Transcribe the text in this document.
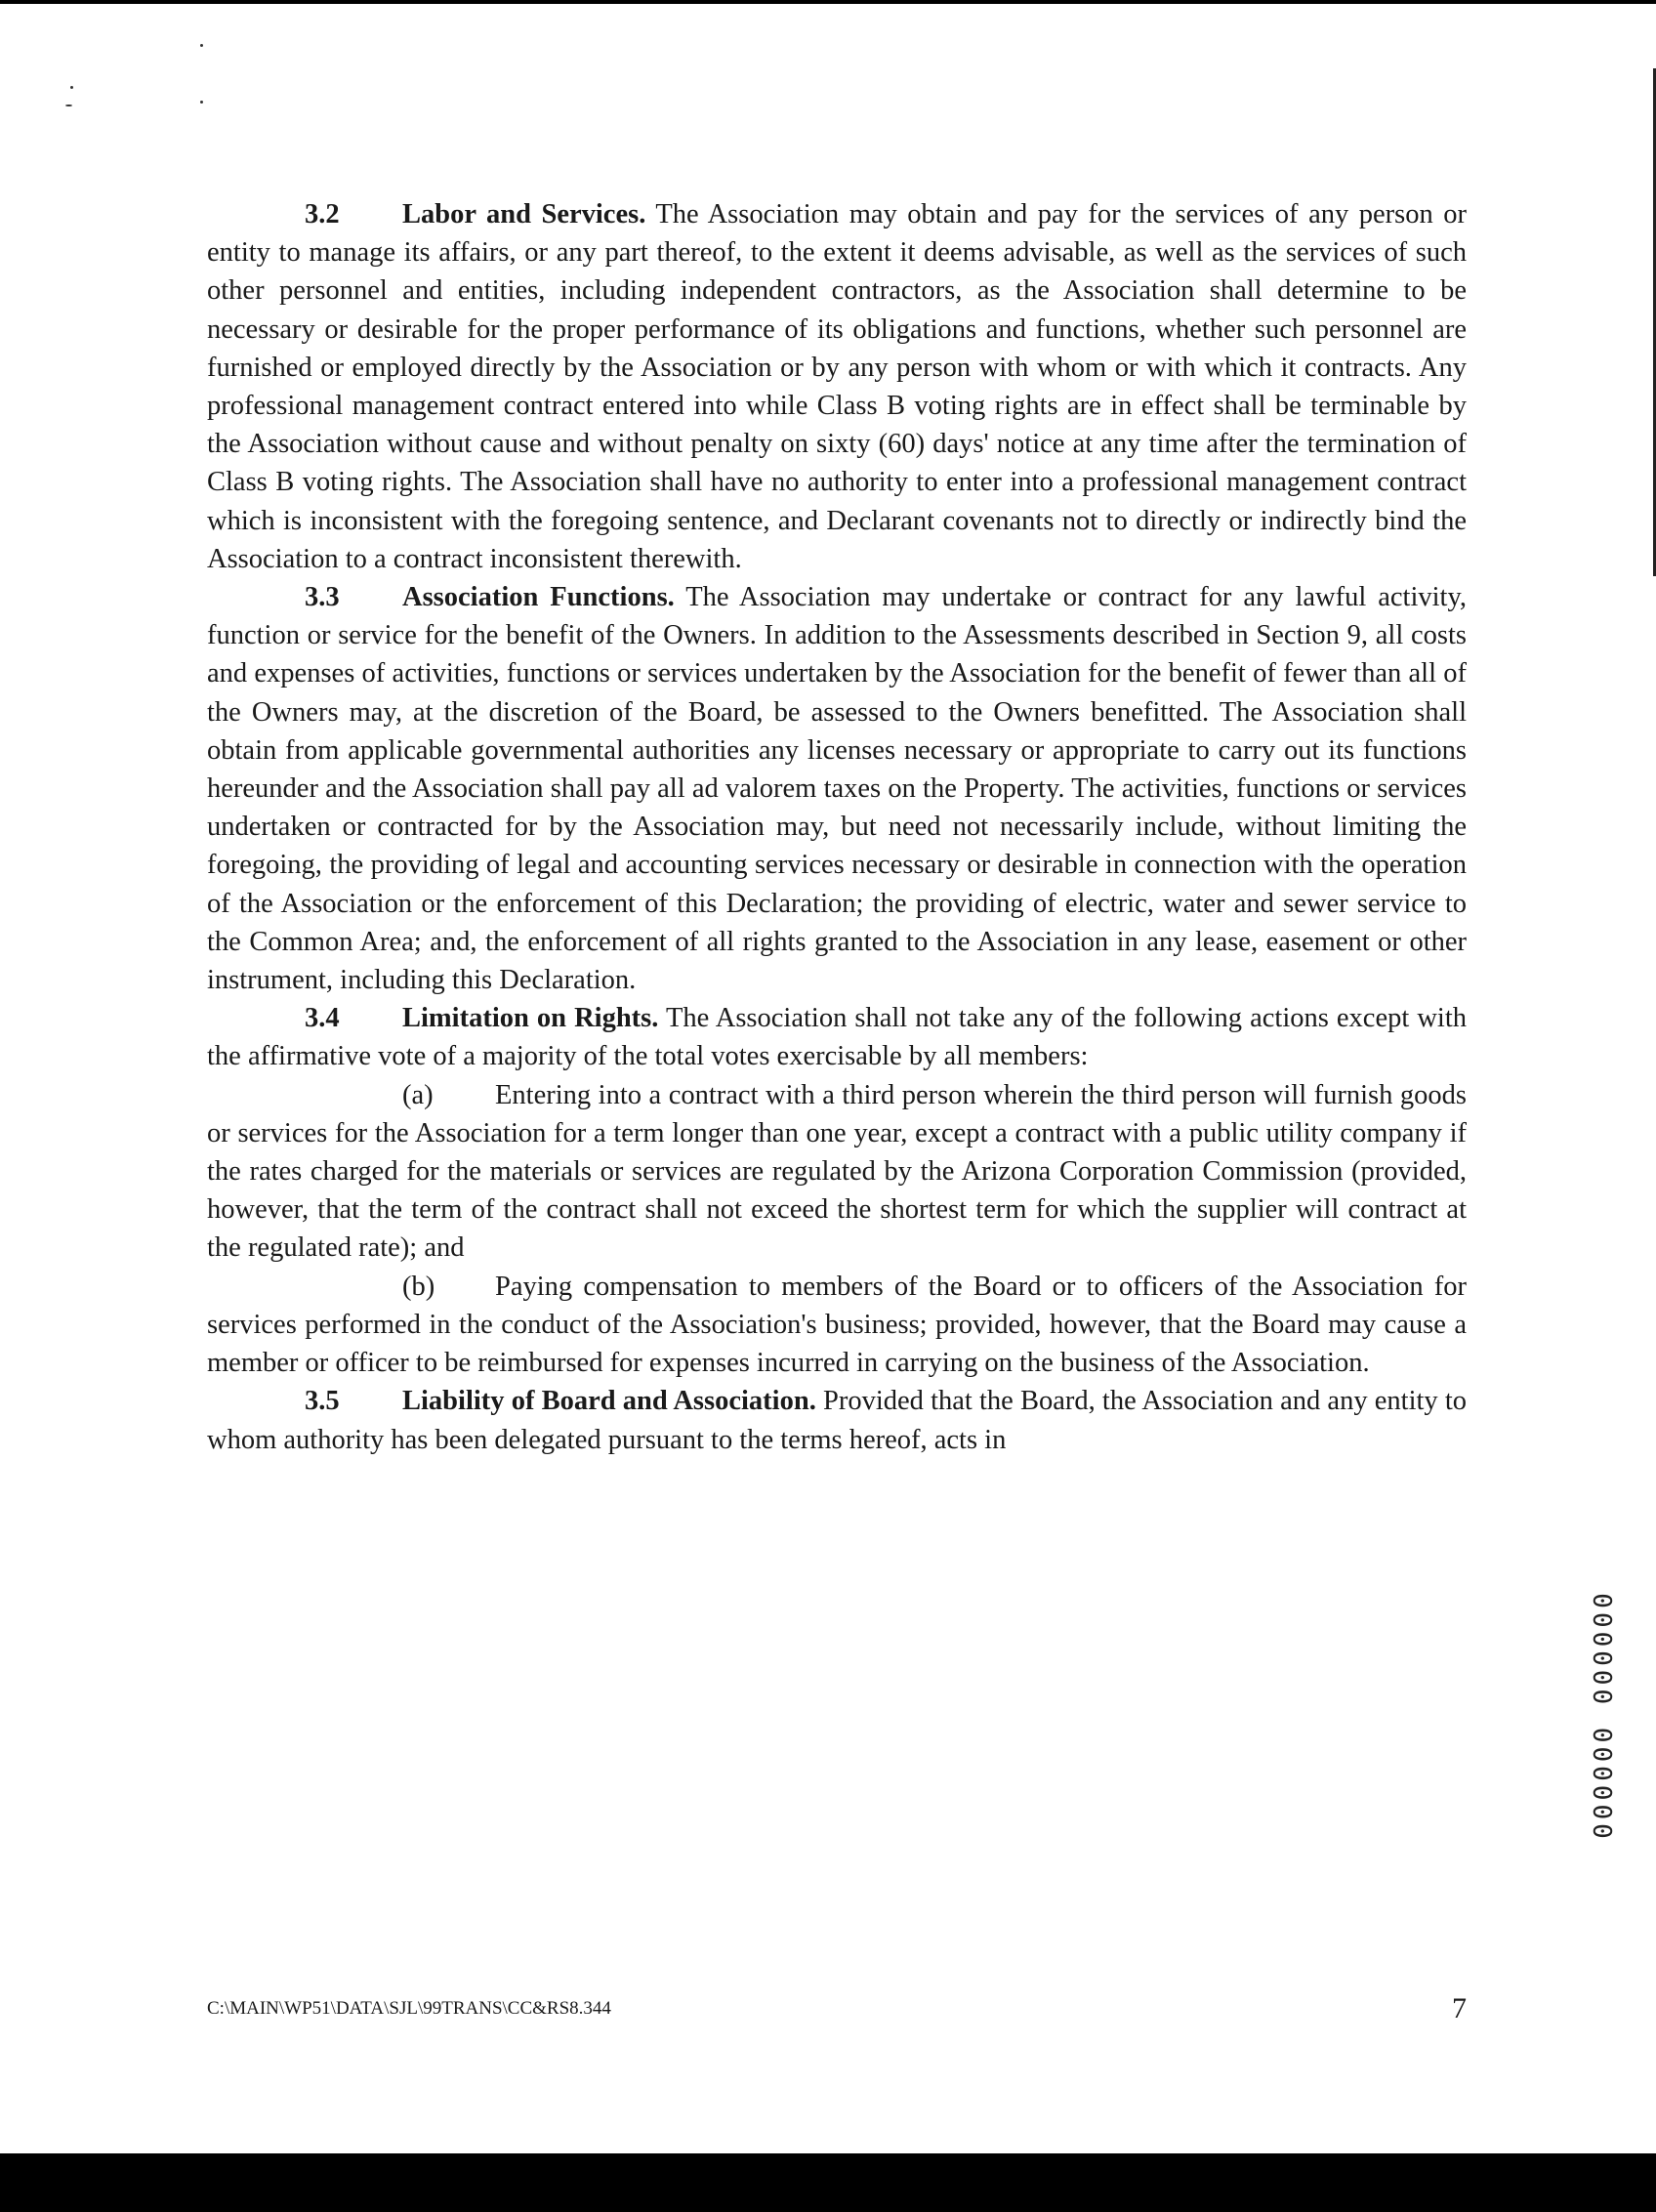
3.2 Labor and Services. The Association may obtain and pay for the services of any person or entity to manage its affairs, or any part thereof, to the extent it deems advisable, as well as the services of such other personnel and entities, including independent contractors, as the Association shall determine to be necessary or desirable for the proper performance of its obligations and functions, whether such personnel are furnished or employed directly by the Association or by any person with whom or with which it contracts. Any professional management contract entered into while Class B voting rights are in effect shall be terminable by the Association without cause and without penalty on sixty (60) days' notice at any time after the termination of Class B voting rights. The Association shall have no authority to enter into a professional management contract which is inconsistent with the foregoing sentence, and Declarant covenants not to directly or indirectly bind the Association to a contract inconsistent therewith.

3.3 Association Functions. The Association may undertake or contract for any lawful activity, function or service for the benefit of the Owners. In addition to the Assessments described in Section 9, all costs and expenses of activities, functions or services undertaken by the Association for the benefit of fewer than all of the Owners may, at the discretion of the Board, be assessed to the Owners benefitted. The Association shall obtain from applicable governmental authorities any licenses necessary or appropriate to carry out its functions hereunder and the Association shall pay all ad valorem taxes on the Property. The activities, functions or services undertaken or contracted for by the Association may, but need not necessarily include, without limiting the foregoing, the providing of legal and accounting services necessary or desirable in connection with the operation of the Association or the enforcement of this Declaration; the providing of electric, water and sewer service to the Common Area; and, the enforcement of all rights granted to the Association in any lease, easement or other instrument, including this Declaration.

3.4 Limitation on Rights. The Association shall not take any of the following actions except with the affirmative vote of a majority of the total votes exercisable by all members:

(a) Entering into a contract with a third person wherein the third person will furnish goods or services for the Association for a term longer than one year, except a contract with a public utility company if the rates charged for the materials or services are regulated by the Arizona Corporation Commission (provided, however, that the term of the contract shall not exceed the shortest term for which the supplier will contract at the regulated rate); and

(b) Paying compensation to members of the Board or to officers of the Association for services performed in the conduct of the Association's business; provided, however, that the Board may cause a member or officer to be reimbursed for expenses incurred in carrying on the business of the Association.

3.5 Liability of Board and Association. Provided that the Board, the Association and any entity to whom authority has been delegated pursuant to the terms hereof, acts in

C:\MAIN\WP51\DATA\SJL\99TRANS\CC&RS8.344	7
000000 000000
